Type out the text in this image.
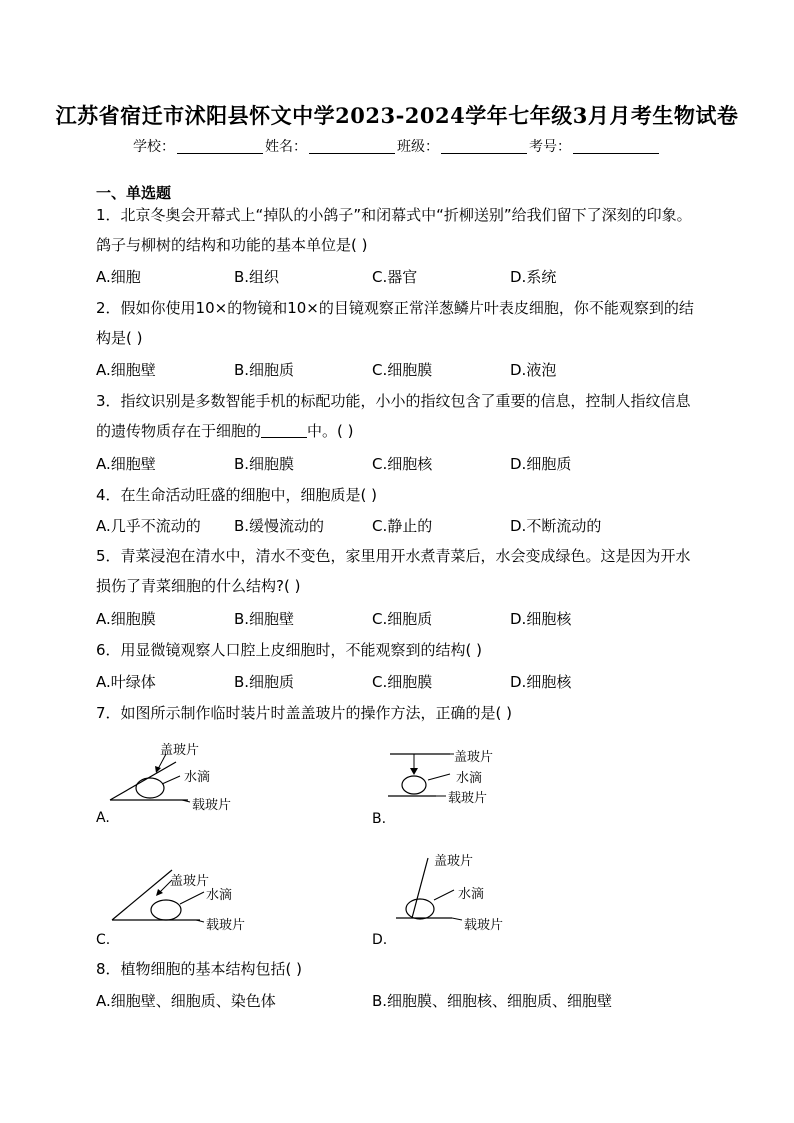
江苏省宿迁市沭阳县怀文中学2023-2024学年七年级3月月考生物试卷
学校：	姓名：	班级：	考号：
一、单选题
1．北京冬奥会开幕式上“掉队的小鸽子”和闭幕式中“折柳送别”给我们留下了深刻的印象。鸽子与柳树的结构和功能的基本单位是( )
A.细胞	B.组织	C.器官	D.系统
2．假如你使用10×的物镜和10×的目镜观察正常洋葱鳞片叶表皮细胞，你不能观察到的结构是( )
A.细胞壁	B.细胞质	C.细胞膜	D.液泡
3．指纹识别是多数智能手机的标配功能，小小的指纹包含了重要的信息，控制人指纹信息的遗传物质存在于细胞的	中。( )
A.细胞壁	B.细胞膜	C.细胞核	D.细胞质
4．在生命活动旺盛的细胞中，细胞质是( )
A.几乎不流动的 B.缓慢流动的	C.静止的	D.不断流动的
5．青菜浸泡在清水中，清水不变色，家里用开水煮青菜后，水会变成绿色。这是因为开水损伤了青菜细胞的什么结构?( )
A.细胞膜	B.细胞壁	C.细胞质	D.细胞核
6．用显微镜观察人口腔上皮细胞时，不能观察到的结构( )
A.叶绿体	B.细胞质	C.细胞膜	D.细胞核
7．如图所示制作临时装片时盖盖玻片的操作方法，正确的是( )
盖玻片
水滴
载玻片
A.
盖玻片
水滴
载玻片
B.
盖玻片
水滴
载玻片
C.
盖玻片
水滴
载玻片
D.
8．植物细胞的基本结构包括( )
A.细胞壁、细胞质、染色体	B.细胞膜、细胞核、细胞质、细胞壁
